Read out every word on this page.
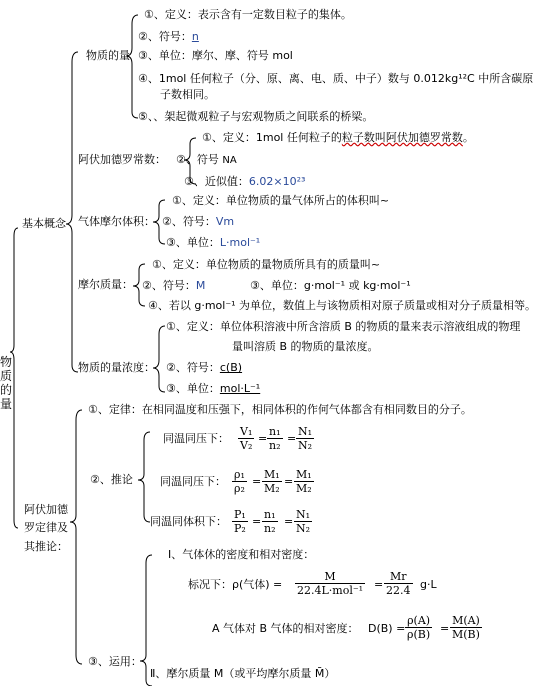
物质的量
基本概念
物质的量
①、定义：表示含有一定数目粒子的集体。
②、符号：n
③、单位：摩尔、摩、符号 mol
④、1mol 任何粒子（分、原、离、电、质、中子）数与 0.012kg¹²C 中所含碳原
子数相同。
⑤、、架起微观粒子与宏观物质之间联系的桥梁。
阿伏加德罗常数：
①、定义：1mol 任何粒子的粒子数叫阿伏加德罗常数。
②、符号 NA
③、近似值：6.02×10²³
气体摩尔体积：
①、定义：单位物质的量气体所占的体积叫~
②、符号：Vm
③、单位：L·mol⁻¹
摩尔质量：
①、定义：单位物质的量物质所具有的质量叫~
②、符号：M	③、单位：g·mol⁻¹ 或 kg·mol⁻¹
④、若以 g·mol⁻¹ 为单位，数值上与该物质相对原子质量或相对分子质量相等。
物质的量浓度：
①、定义：单位体积溶液中所含溶质 B 的物质的量来表示溶液组成的物理
量叫溶质 B 的物质的量浓度。
②、符号：c(B)
③、单位：mol·L⁻¹
阿伏加德
罗定律及
其推论：
①、定律：在相同温度和压强下，相同体积的作何气体都含有相同数目的分子。
②、推论
同温同压下： $\frac{\text{V₁}}{\text{V₂}} = \frac{\text{n₁}}{\text{n₂}} = \frac{\text{N₁}}{\text{N₂}}$
同温同压下： $\frac{\text{ρ₁}}{\text{ρ₂}} = \frac{\text{M₁}}{\text{M₂}} = \frac{\text{M₁}}{\text{M₂}}$
同温同体积下： $\frac{\text{P₁}}{\text{P₂}} = \frac{\text{n₁}}{\text{n₂}} = \frac{\text{N₁}}{\text{N₂}}$
③、运用：
Ⅰ、气体休的密度和相对密度：
标况下：ρ(气体) =
M
$22.4L\cdot mol^{-1} = \frac{Mr}{22.4} g\cdot L$
A 气体对 B 气体的相对密度： $D(B) = \frac{\rho(A)}{\rho(B)} = \frac{M(A)}{M(B)}$
Ⅱ、摩尔质量 M（或平均摩尔质量 M̄）
